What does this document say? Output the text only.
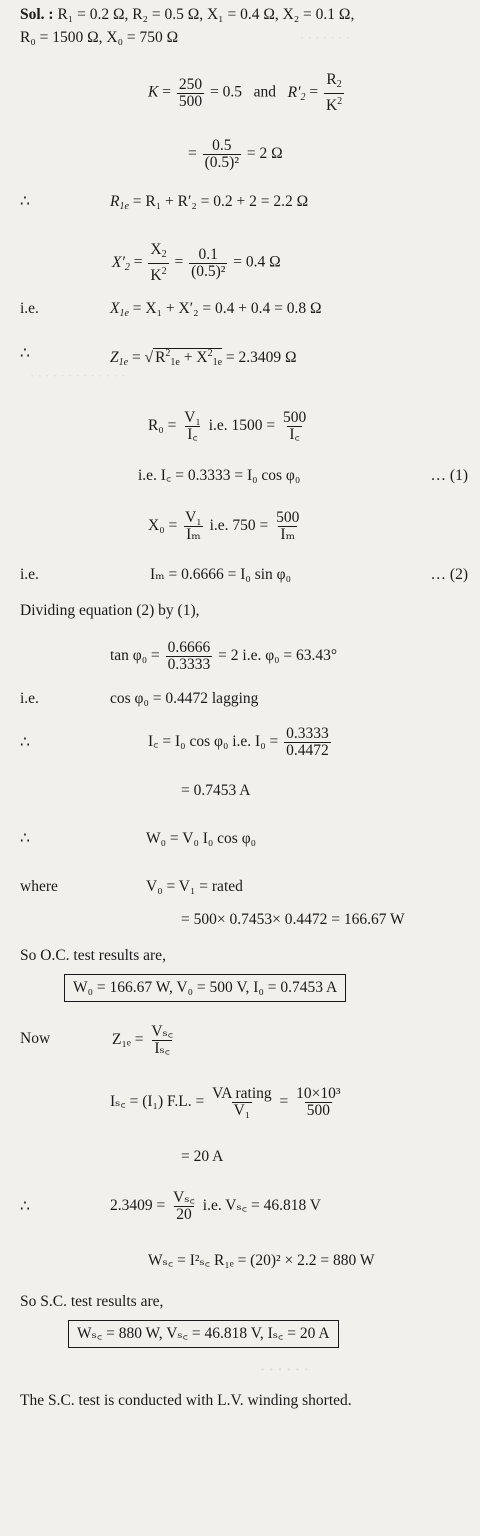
· · · · · · ·
Sol. : R₁ = 0.2 Ω, R₂ = 0.5 Ω, X₁ = 0.4 Ω, X₂ = 0.1 Ω,
R₀ = 1500 Ω, X₀ = 750 Ω
$K = \frac{250}{500} = 0.5$ and $R'_2 = \frac{R_2}{K^2}$
= $\frac{0.5}{\text{(0.5)²}} = 2$ Ω
∴	$R_{1e} = R_1 + R'_2 = 0.2 + 2 = 2.2$ Ω
$X'_2 = \frac{X_2}{K^2} = \frac{0.1}{\text{(0.5)²}} = 0.4$ Ω
i.e.	$X_{1e} = X_1 + X'_2 = 0.4 + 0.4 = 0.8$ Ω
∴	$Z_{1e}$ = √ $R^2_{1e} + X^2_{1e} = 2.3409$ Ω
· · · · · · · · · · · · ·
$R_0 = \frac{\text{V₁}}{I꜀} i.e$. $1500 = \frac{500}{I꜀}$
i.e. I꜀ = 0.3333 = I₀ cos φ₀	… (1)
$X_0 = \frac{\text{V₁}}{\text{Iₘ}} i.e$. $750 = \frac{500}{\text{Iₘ}}$
i.e.	Iₘ = 0.6666 = I₀ sin φ₀	… (2)
Dividing equation (2) by (1),
$\tan \varphi_0 = \frac{0.6666}{0.3333} = 2$ i.e. φ₀ = 63.43°
i.e.	cos φ₀ = 0.4472 lagging
∴	I꜀ = I₀ cos φ₀ i.e. $I_0 = \frac{0.3333}{0.4472}$
= 0.7453 A
∴	W₀ = V₀ I₀ cos φ₀
where	V₀ = V₁ = rated
= 500× 0.7453× 0.4472 = 166.67 W
So O.C. test results are,
W₀ = 166.67 W, V₀ = 500 V, I₀ = 0.7453 A
Now	$Z_{1e} = \frac{\text{Vₛ꜀}}{\text{Iₛ꜀}}$
Iₛ꜀ = (I₁) F.L. = $\frac{\text{VA rating}}{\text{V₁}} = \frac{\text{10×10³}}{500}$
= 20 A
∴	$2.3409 = \frac{\text{Vₛ꜀}}{20} i.e$. Vₛ꜀ = 46.818 V
Wₛ꜀ = I²ₛ꜀ R₁ₑ = (20)² × 2.2 = 880 W
So S.C. test results are,
Wₛ꜀ = 880 W, Vₛ꜀ = 46.818 V, Iₛ꜀ = 20 A
· · · · · ·
The S.C. test is conducted with L.V. winding shorted.
